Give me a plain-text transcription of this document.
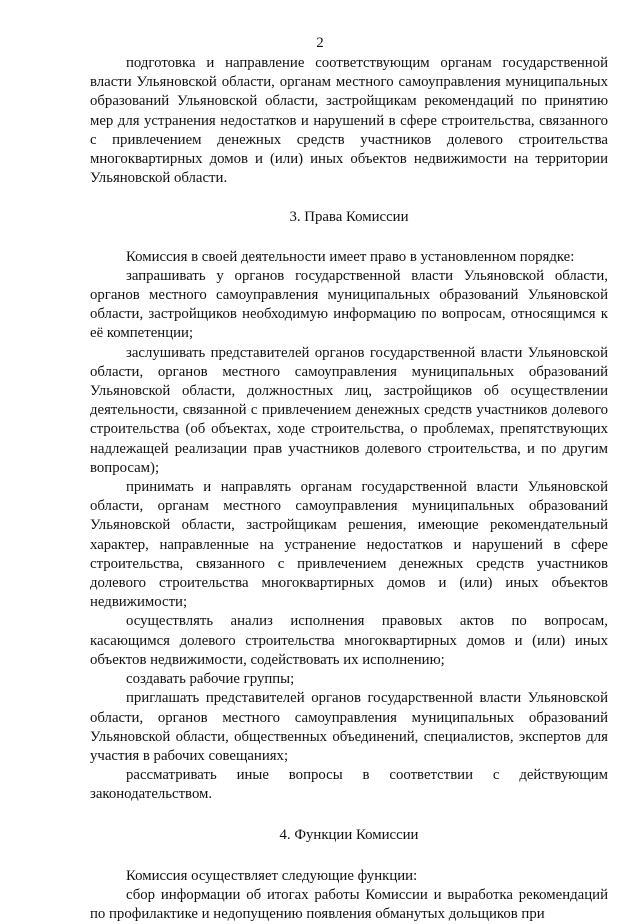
2

подготовка и направление соответствующим органам государственной власти Ульяновской области, органам местного самоуправления муниципальных образований Ульяновской области, застройщикам рекомендаций по принятию мер для устранения недостатков и нарушений в сфере строительства, связанного с привлечением денежных средств участников долевого строительства многоквартирных домов и (или) иных объектов недвижимости на территории Ульяновской области.

3. Права Комиссии

Комиссия в своей деятельности имеет право в установленном порядке:

запрашивать у органов государственной власти Ульяновской области, органов местного самоуправления муниципальных образований Ульяновской области, застройщиков необходимую информацию по вопросам, относящимся к её компетенции;

заслушивать представителей органов государственной власти Ульяновской области, органов местного самоуправления муниципальных образований Ульяновской области, должностных лиц, застройщиков об осуществлении деятельности, связанной с привлечением денежных средств участников долевого строительства (об объектах, ходе строительства, о проблемах, препятствующих надлежащей реализации прав участников долевого строительства, и по другим вопросам);

принимать и направлять органам государственной власти Ульяновской области, органам местного самоуправления муниципальных образований Ульяновской области, застройщикам решения, имеющие рекомендательный характер, направленные на устранение недостатков и нарушений в сфере строительства, связанного с привлечением денежных средств участников долевого строительства многоквартирных домов и (или) иных объектов недвижимости;

осуществлять анализ исполнения правовых актов по вопросам, касающимся долевого строительства многоквартирных домов и (или) иных объектов недвижимости, содействовать их исполнению;

создавать рабочие группы;

приглашать представителей органов государственной власти Ульяновской области, органов местного самоуправления муниципальных образований Ульяновской области, общественных объединений, специалистов, экспертов для участия в рабочих совещаниях;

рассматривать иные вопросы в соответствии с действующим законодательством.

4. Функции Комиссии

Комиссия осуществляет следующие функции:

сбор информации об итогах работы Комиссии и выработка рекомендаций по профилактике и недопущению появления обманутых дольщиков при
